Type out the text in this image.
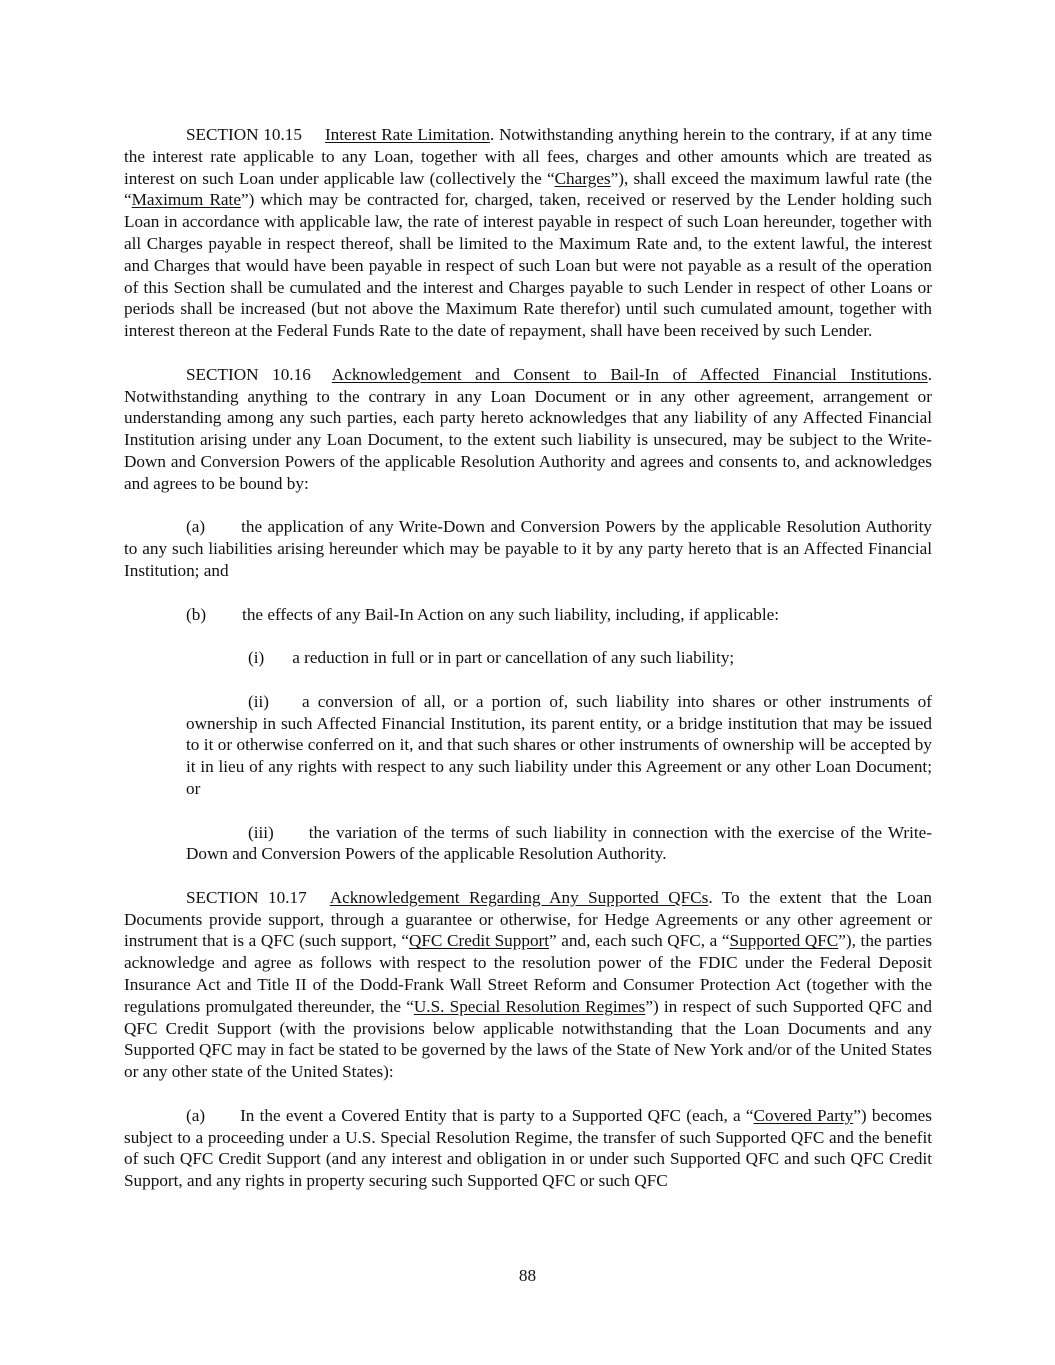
SECTION 10.15 Interest Rate Limitation. Notwithstanding anything herein to the contrary, if at any time the interest rate applicable to any Loan, together with all fees, charges and other amounts which are treated as interest on such Loan under applicable law (collectively the “Charges”), shall exceed the maximum lawful rate (the “Maximum Rate”) which may be contracted for, charged, taken, received or reserved by the Lender holding such Loan in accordance with applicable law, the rate of interest payable in respect of such Loan hereunder, together with all Charges payable in respect thereof, shall be limited to the Maximum Rate and, to the extent lawful, the interest and Charges that would have been payable in respect of such Loan but were not payable as a result of the operation of this Section shall be cumulated and the interest and Charges payable to such Lender in respect of other Loans or periods shall be increased (but not above the Maximum Rate therefor) until such cumulated amount, together with interest thereon at the Federal Funds Rate to the date of repayment, shall have been received by such Lender.

SECTION 10.16 Acknowledgement and Consent to Bail-In of Affected Financial Institutions. Notwithstanding anything to the contrary in any Loan Document or in any other agreement, arrangement or understanding among any such parties, each party hereto acknowledges that any liability of any Affected Financial Institution arising under any Loan Document, to the extent such liability is unsecured, may be subject to the Write-Down and Conversion Powers of the applicable Resolution Authority and agrees and consents to, and acknowledges and agrees to be bound by:

(a) the application of any Write-Down and Conversion Powers by the applicable Resolution Authority to any such liabilities arising hereunder which may be payable to it by any party hereto that is an Affected Financial Institution; and

(b) the effects of any Bail-In Action on any such liability, including, if applicable:

(i) a reduction in full or in part or cancellation of any such liability;

(ii) a conversion of all, or a portion of, such liability into shares or other instruments of ownership in such Affected Financial Institution, its parent entity, or a bridge institution that may be issued to it or otherwise conferred on it, and that such shares or other instruments of ownership will be accepted by it in lieu of any rights with respect to any such liability under this Agreement or any other Loan Document; or

(iii) the variation of the terms of such liability in connection with the exercise of the Write-Down and Conversion Powers of the applicable Resolution Authority.

SECTION 10.17 Acknowledgement Regarding Any Supported QFCs. To the extent that the Loan Documents provide support, through a guarantee or otherwise, for Hedge Agreements or any other agreement or instrument that is a QFC (such support, “QFC Credit Support” and, each such QFC, a “Supported QFC”), the parties acknowledge and agree as follows with respect to the resolution power of the FDIC under the Federal Deposit Insurance Act and Title II of the Dodd-Frank Wall Street Reform and Consumer Protection Act (together with the regulations promulgated thereunder, the “U.S. Special Resolution Regimes”) in respect of such Supported QFC and QFC Credit Support (with the provisions below applicable notwithstanding that the Loan Documents and any Supported QFC may in fact be stated to be governed by the laws of the State of New York and/or of the United States or any other state of the United States):

(a) In the event a Covered Entity that is party to a Supported QFC (each, a “Covered Party”) becomes subject to a proceeding under a U.S. Special Resolution Regime, the transfer of such Supported QFC and the benefit of such QFC Credit Support (and any interest and obligation in or under such Supported QFC and such QFC Credit Support, and any rights in property securing such Supported QFC or such QFC

88
